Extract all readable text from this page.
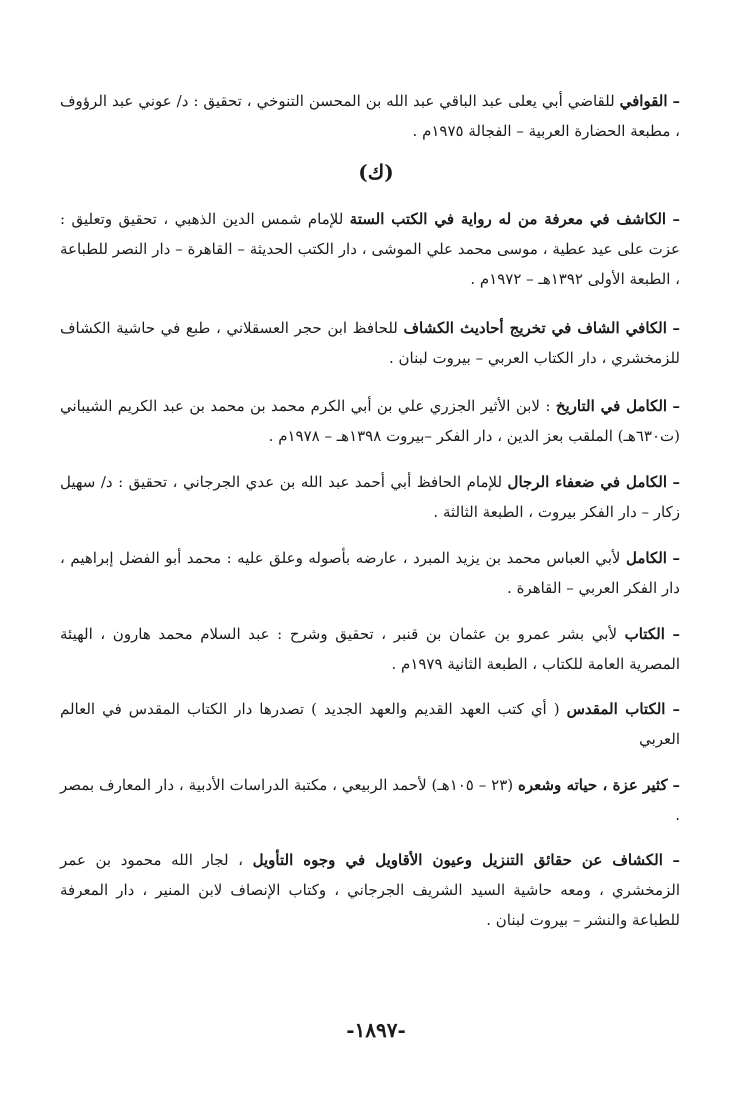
– القوافي للقاضي أبي يعلى عبد الباقي عبد الله بن المحسن التنوخي ، تحقيق : د/ عوني عبد الرؤوف ، مطبعة الحضارة العربية – الفجالة ١٩٧٥م .
(ك)
– الكاشف في معرفة من له رواية في الكتب الستة للإمام شمس الدين الذهبي ، تحقيق وتعليق : عزت على عيد عطية ، موسى محمد علي الموشى ، دار الكتب الحديثة – القاهرة – دار النصر للطباعة ، الطبعة الأولى ١٣٩٢هـ – ١٩٧٢م .
– الكافي الشاف في تخريج أحاديث الكشاف للحافظ ابن حجر العسقلاني ، طبع في حاشية الكشاف للزمخشري ، دار الكتاب العربي – بيروت لبنان .
– الكامل في التاريخ : لابن الأثير الجزري علي بن أبي الكرم محمد بن محمد بن عبد الكريم الشيباني (ت٦٣٠هـ) الملقب بعز الدين ، دار الفكر –بيروت ١٣٩٨هـ – ١٩٧٨م .
– الكامل في ضعفاء الرجال للإمام الحافظ أبي أحمد عبد الله بن عدي الجرجاني ، تحقيق : د/ سهيل زكار – دار الفكر بيروت ، الطبعة الثالثة .
– الكامل لأبي العباس محمد بن يزيد المبرد ، عارضه بأصوله وعلق عليه : محمد أبو الفضل إبراهيم ، دار الفكر العربي – القاهرة .
– الكتاب لأبي بشر عمرو بن عثمان بن قنبر ، تحقيق وشرح : عبد السلام محمد هارون ، الهيئة المصرية العامة للكتاب ، الطبعة الثانية ١٩٧٩م .
– الكتاب المقدس ( أي كتب العهد القديم والعهد الجديد ) تصدرها دار الكتاب المقدس في العالم العربي
– كثير عزة ، حياته وشعره (٢٣ – ١٠٥هـ) لأحمد الربيعي ، مكتبة الدراسات الأدبية ، دار المعارف بمصر .
– الكشاف عن حقائق التنزيل وعيون الأقاويل في وجوه التأويل ، لجار الله محمود بن عمر الزمخشري ، ومعه حاشية السيد الشريف الجرجاني ، وكتاب الإنصاف لابن المنير ، دار المعرفة للطباعة والنشر – بيروت لبنان .
-١٨٩٧-
